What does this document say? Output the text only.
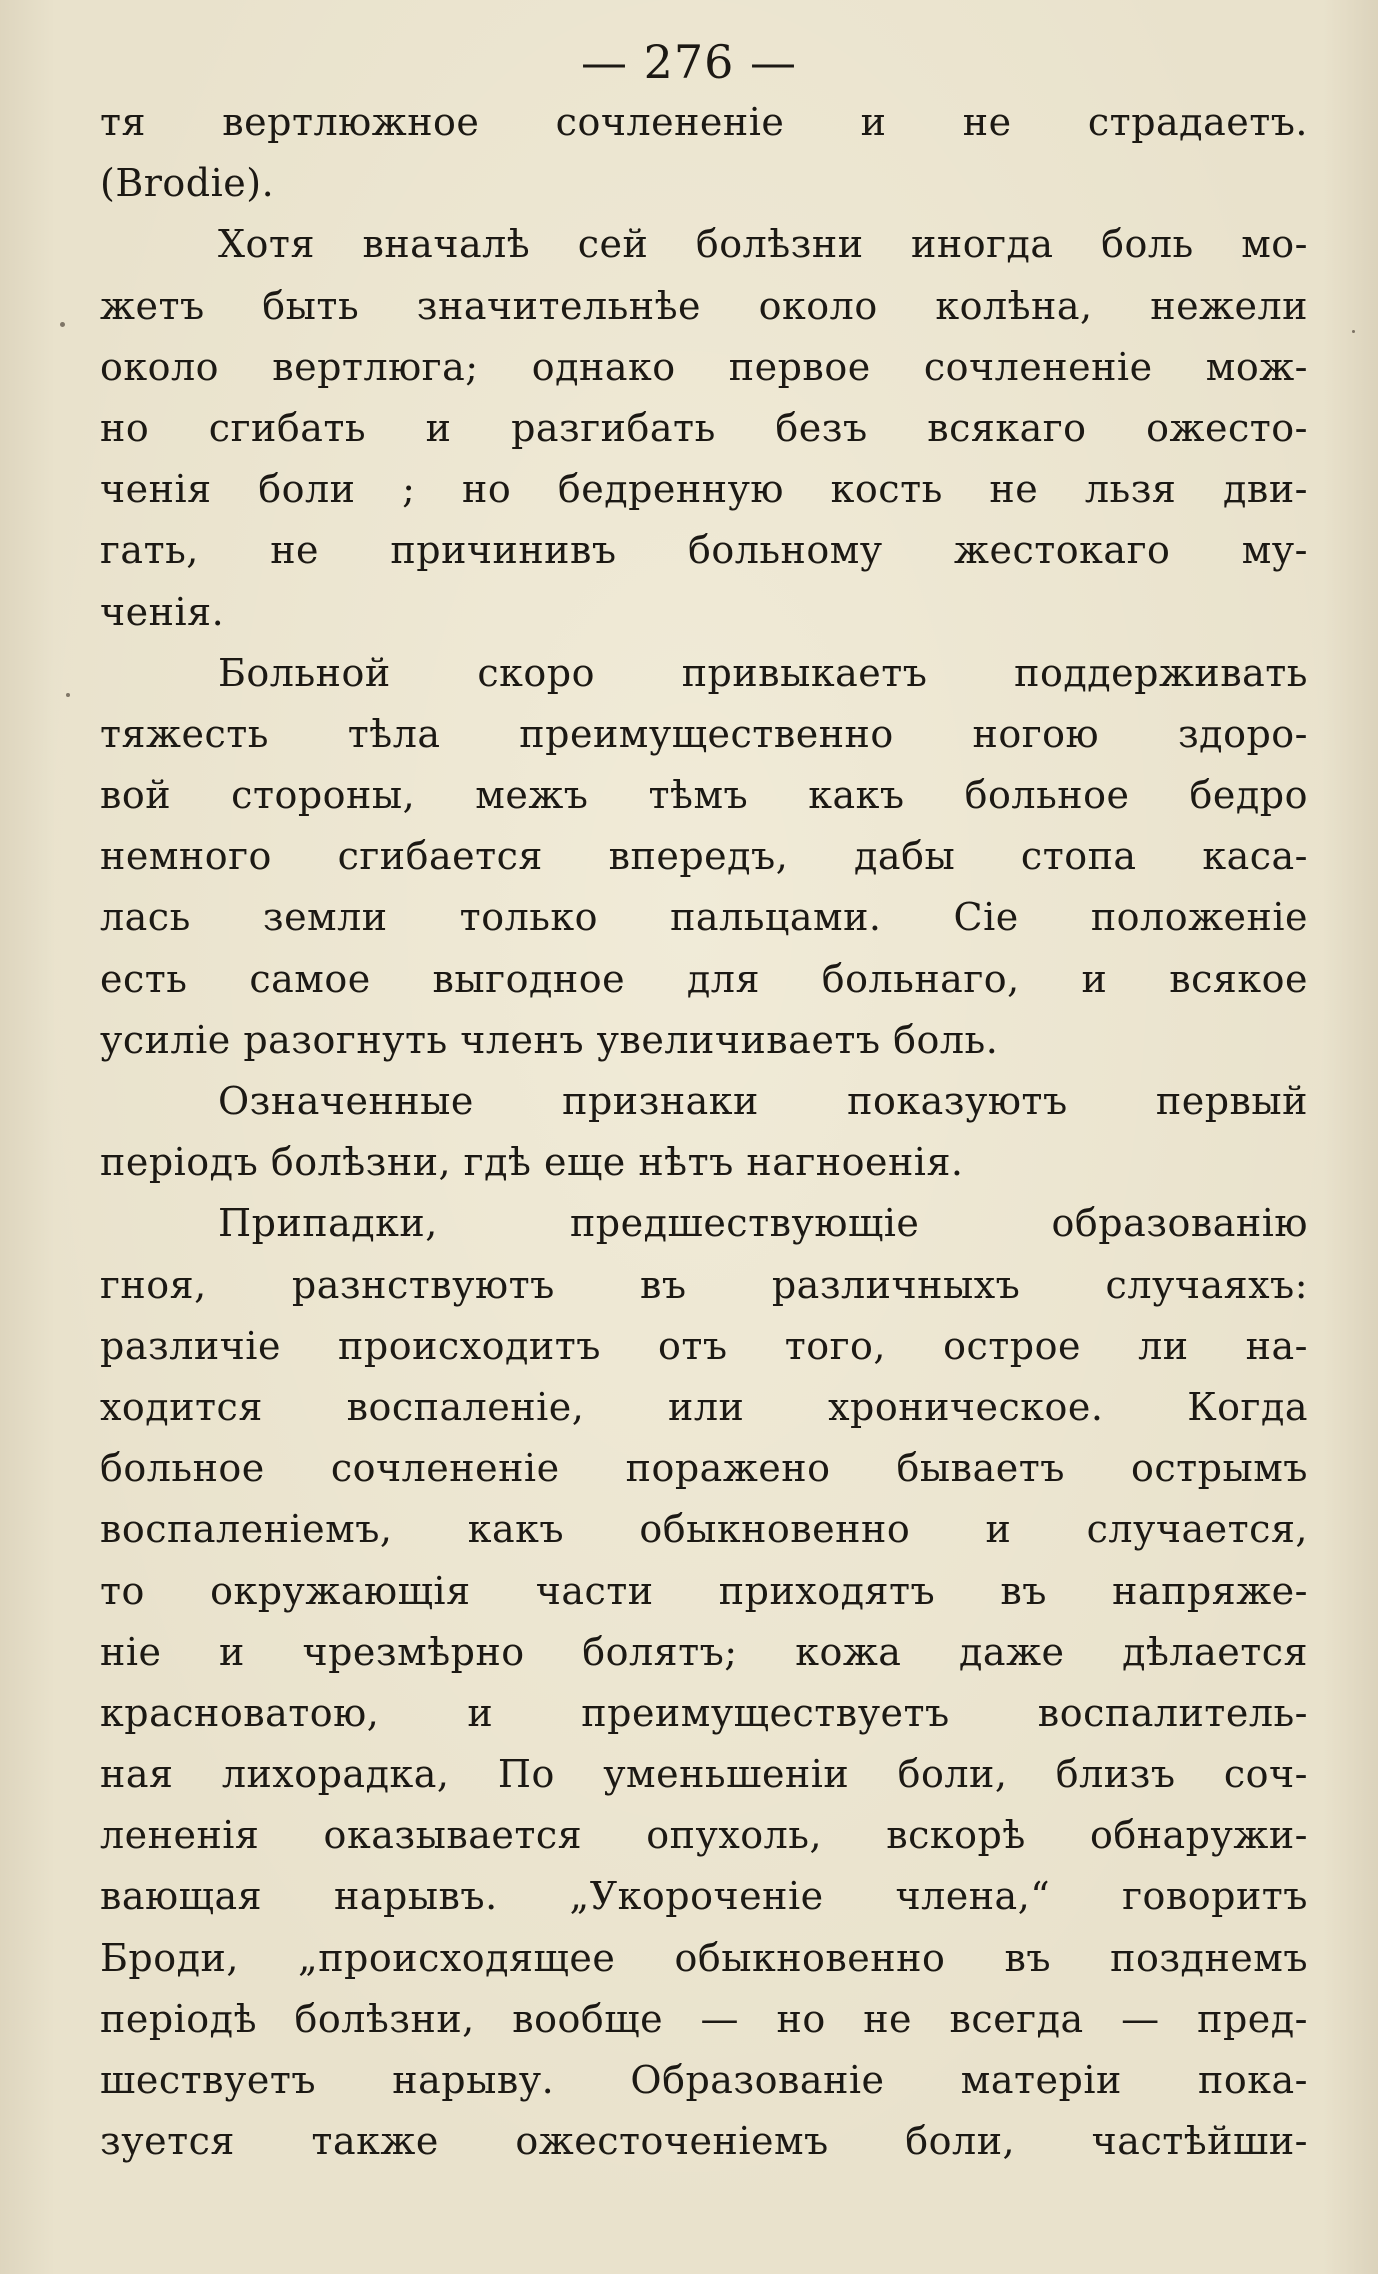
— 276 —
тя вертлюжное сочлененіе и не страдаетъ.
(Brodie).
Хотя вначалѣ сей болѣзни иногда боль мо-
жетъ быть значительнѣе около колѣна, нежели
около вертлюга; однако первое сочлененіе мож-
но сгибать и разгибать безъ всякаго ожесто-
ченія боли ; но бедренную кость не льзя дви-
гать, не причинивъ больному жестокаго му-
ченія.
Больной скоро привыкаетъ поддерживать
тяжесть тѣла преимущественно ногою здоро-
вой стороны, межъ тѣмъ какъ больное бедро
немного сгибается впередъ, дабы стопа каса-
лась земли только пальцами. Сіе положеніе
есть самое выгодное для больнаго, и всякое
усиліе разогнуть членъ увеличиваетъ боль.
Означенные признаки показуютъ первый
періодъ болѣзни, гдѣ еще нѣтъ нагноенія.
Припадки, предшествующіе образованію
гноя, разнствуютъ въ различныхъ случаяхъ:
различіе происходитъ отъ того, острое ли на-
ходится воспаленіе, или хроническое. Когда
больное сочлененіе поражено бываетъ острымъ
воспаленіемъ, какъ обыкновенно и случается,
то окружающія части приходятъ въ напряже-
ніе и чрезмѣрно болятъ; кожа даже дѣлается
красноватою, и преимуществуетъ воспалитель-
ная лихорадка, По уменьшеніи боли, близъ соч-
лененія оказывается опухоль, вскорѣ обнаружи-
вающая нарывъ. „Укороченіе члена,“ говоритъ
Броди, „происходящее обыкновенно въ позднемъ
періодѣ болѣзни, вообще — но не всегда — пред-
шествуетъ нарыву. Образованіе матеріи пока-
зуется также ожесточеніемъ боли, частѣйши-
